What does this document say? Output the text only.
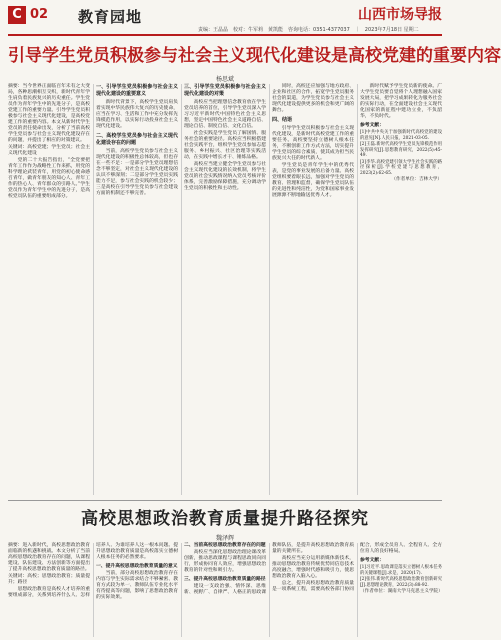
C 02 教育园地	山西市场导报
责编：王晶晶　校对：牛军莉　黄凯能　咨询电话：0351-4377037　｜　2023年7月18日 星期二
引导学生党员积极参与社会主义现代化建设是高校党建的重要内容
杨思斌

摘要：当今世界正面临百年未有之大变局，各种思潮相互交织，新时代青年学生肩负着民族复兴的历史重任。学生党员作为青年学生中的先进分子，是高校党建工作的重要力量。引导学生党员积极参与社会主义现代化建设，是高校党建工作的重要内容。本文从新时代学生党员的责任使命出发，分析了当前高校学生党员参与社会主义现代化建设存在的问题，并提出了相应的对策建议。

关键词：高校党建；学生党员；社会主义现代化建设

党的二十大报告指出，“全党要把青年工作作为战略性工作来抓，用党的科学理论武装青年，用党的初心使命感召青年，做青年朋友的知心人、青年工作的热心人、青年群众的引路人。”学生党员作为青年学生中的先进分子，是高校党员队伍的重要组成部分。

一、引导学生党员积极参与社会主义现代化建设的重要意义

新时代背景下，高校学生党员肩负着实现中华民族伟大复兴的历史使命，应当在学习、生活和工作中充分发挥先锋模范作用，以实际行动投身社会主义现代化建设。

二、高校学生党员参与社会主义现代化建设存在的问题

当前，高校学生党员参与社会主义现代化建设的积极性总体较高，但也存在一些不足：一是部分学生党员理想信念不够坚定，对社会主义现代化建设的认识不够深刻；二是部分学生党员实践能力不足，参与社会实践的机会较少；三是高校在引导学生党员参与社会建设方面的机制还不够完善。

三、引导学生党员积极参与社会主义现代化建设的对策

高校应当把理想信念教育放在学生党员培养的首位，引导学生党员深入学习习近平新时代中国特色社会主义思想，坚定中国特色社会主义道路自信、理论自信、制度自信、文化自信。

社会实践是学生党员了解国情、服务社会的重要途径。高校应当积极搭建社会实践平台，组织学生党员参加志愿服务、乡村振兴、社区治理等实践活动，在实践中增长才干、锤炼品格。

高校应当建立健全学生党员参与社会主义现代化建设的长效机制，将学生党员的社会实践情况纳入党员考核评价体系，完善激励保障措施，充分调动学生党员的积极性和主动性。

同时，高校还应加强与地方政府、企业和社区的合作，拓宽学生党员服务社会的渠道，为学生党员参与社会主义现代化建设提供更多的机会和更广阔的舞台。

四、结语

引导学生党员积极参与社会主义现代化建设，是新时代高校党建工作的重要任务。高校要坚持立德树人根本任务，不断创新工作方式方法，切实提升学生党员的综合素质，使其成为担当民族复兴大任的时代新人。

学生党员是青年学生中的优秀代表，是党的事业发展的后备力量。高校党组织要着眼长远，加强对学生党员的教育、管理和监督，确保学生党员队伍的先进性和纯洁性，为党和国家事业发展源源不断地输送优秀人才。

新时代赋予学生党员新的使命。广大学生党员要自觉将个人理想融入国家发展大局，把学习成果转化为服务社会的实际行动，在全面建设社会主义现代化国家的新征程中建功立业，不负韶华，不负时代。

参考文献：

[1]中共中央关于加强新时代高校党的建设的意见[N].人民日报，2021-03-05.

[2]王磊.新时代高校学生党员先锋模范作用发挥研究[J].思想教育研究，2022(5):45-49.

[3]李华.高校党建引领大学生社会实践的路径探析[J].学校党建与思想教育，2023(2):62-65.

（作者单位：吉林大学）

高校思想政治教育质量提升路径探究
魏泽辉

摘要：进入新时代，高校思想政治教育面临新的机遇和挑战。本文分析了当前高校思想政治教育存在的问题，从课程建设、队伍建设、方法创新等方面提出了提升高校思想政治教育质量的路径。

关键词：高校；思想政治教育；质量提升；路径

思想政治教育是高校人才培养的重要组成部分，关系到培养什么人、怎样培养人、为谁培养人这一根本问题。提升思想政治教育质量是高校落实立德树人根本任务的必然要求。

一、提升高校思想政治教育质量的意义

当前，部分高校思想政治教育存在内容与学生实际需求结合不够紧密、教育方式较为单一、教师队伍专业化水平有待提高等问题，影响了思想政治教育的实际效果。

二、当前高校思想政治教育存在的问题

高校应当深化思想政治理论课改革创新，推动思政课程与课程思政同向同行，形成协同育人效应，增强思想政治教育的针对性和吸引力。

三、提升高校思想政治教育质量的路径

建设一支政治强、情怀深、思维新、视野广、自律严、人格正的思政课教师队伍，是提升高校思想政治教育质量的关键所在。

高校应当充分运用新媒体新技术，推动思想政治教育传统优势同信息技术高度融合，增强时代感和吸引力，使思想政治教育入脑入心。

总之，提升高校思想政治教育质量是一项系统工程，需要高校各部门协同配合，形成全员育人、全程育人、全方位育人的良好格局。

参考文献：

[1]习近平.思政课是落实立德树人根本任务的关键课程[J].求是，2020(17).

[2]张伟.新时代高校思想政治教育创新研究[J].思想理论教育，2022(3):88-92.

（作者单位：湖南大学马克思主义学院）
